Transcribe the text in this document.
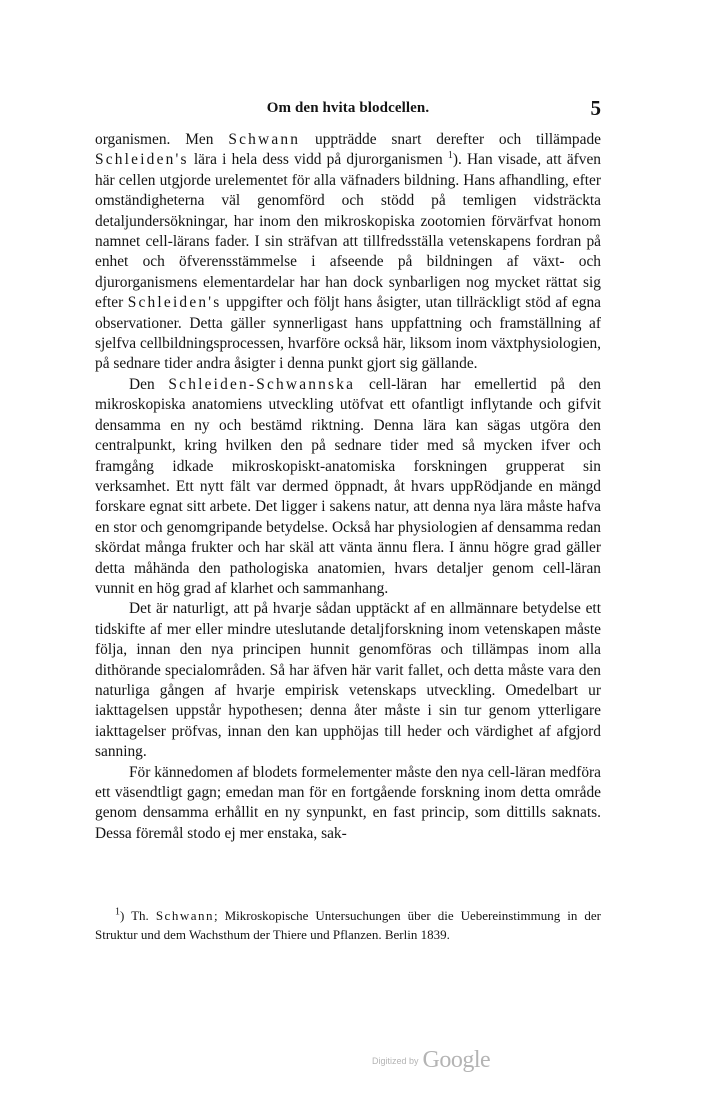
Om den hvita blodcellen.	5

organismen. Men Schwann uppträdde snart derefter och tillämpade Schleiden's lära i hela dess vidd på djurorganismen $^1$). Han visade, att äfven här cellen utgjorde urelementet för alla väfnaders bildning. Hans afhandling, efter omständigheterna väl genomförd och stödd på temligen vidsträckta detaljundersökningar, har inom den mikroskopiska zootomien förvärfvat honom namnet cell-lärans fader. I sin sträfvan att tillfredsställa vetenskapens fordran på enhet och öfverensstämmelse i afseende på bildningen af växt- och djurorganismens elementardelar har han dock synbarligen nog mycket rättat sig efter Schleiden's uppgifter och följt hans åsigter, utan tillräckligt stöd af egna observationer. Detta gäller synnerligast hans uppfattning och framställning af sjelfva cellbildningsprocessen, hvarföre också här, liksom inom växtphysiologien, på sednare tider andra åsigter i denna punkt gjort sig gällande.

Den Schleiden-Schwannska cell-läran har emellertid på den mikroskopiska anatomiens utveckling utöfvat ett ofantligt inflytande och gifvit densamma en ny och bestämd riktning. Denna lära kan sägas utgöra den centralpunkt, kring hvilken den på sednare tider med så mycken ifver och framgång idkade mikroskopiskt-anatomiska forskningen grupperat sin verksamhet. Ett nytt fält var dermed öppnadt, åt hvars uppRödjande en mängd forskare egnat sitt arbete. Det ligger i sakens natur, att denna nya lära måste hafva en stor och genomgripande betydelse. Också har physiologien af densamma redan skördat många frukter och har skäl att vänta ännu flera. I ännu högre grad gäller detta måhända den pathologiska anatomien, hvars detaljer genom cell-läran vunnit en hög grad af klarhet och sammanhang.

Det är naturligt, att på hvarje sådan upptäckt af en allmännare betydelse ett tidskifte af mer eller mindre uteslutande detaljforskning inom vetenskapen måste följa, innan den nya principen hunnit genomföras och tillämpas inom alla dithörande specialområden. Så har äfven här varit fallet, och detta måste vara den naturliga gången af hvarje empirisk vetenskaps utveckling. Omedelbart ur iakttagelsen uppstår hypothesen; denna åter måste i sin tur genom ytterligare iakttagelser pröfvas, innan den kan upphöjas till heder och värdighet af afgjord sanning.

För kännedomen af blodets formelementer måste den nya cell-läran medföra ett väsendtligt gagn; emedan man för en fortgående forskning inom detta område genom densamma erhållit en ny synpunkt, en fast princip, som dittills saknats. Dessa föremål stodo ej mer enstaka, sak-

$^1$) Th. Schwann; Mikroskopische Untersuchungen über die Uebereinstimmung in der Struktur und dem Wachsthum der Thiere und Pflanzen. Berlin 1839.

Digitized by Google
